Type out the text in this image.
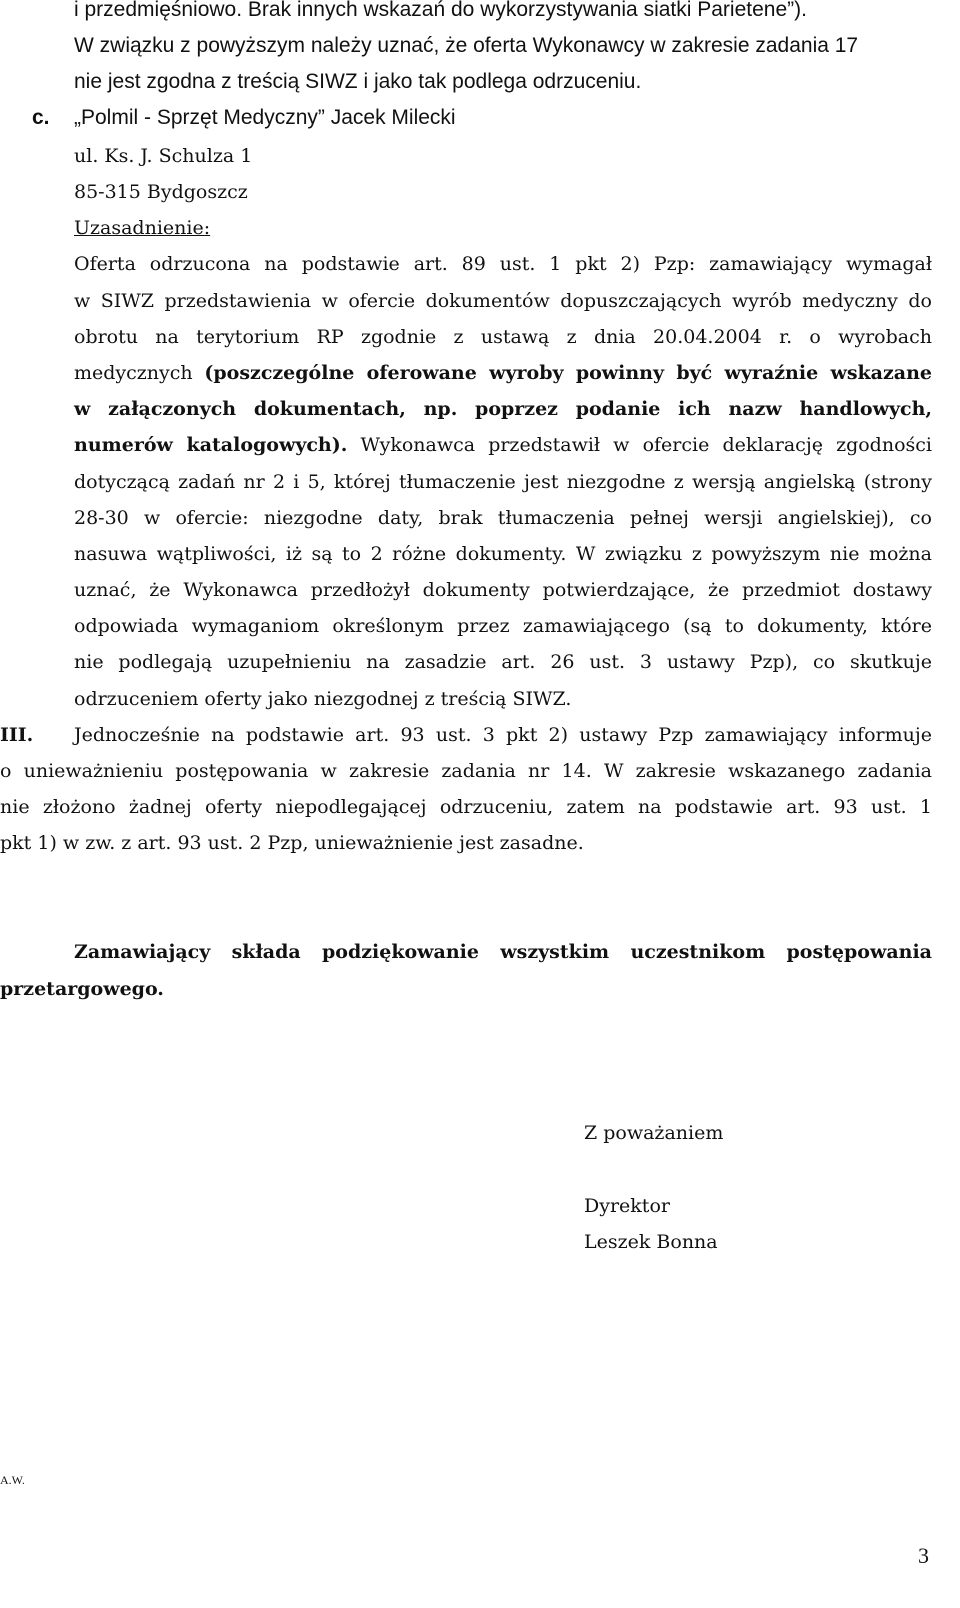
i przedmięśniowo. Brak innych wskazań do wykorzystywania siatki Parietene”).

W związku z powyższym należy uznać, że oferta Wykonawcy w zakresie zadania 17

nie jest zgodna z treścią SIWZ i jako tak podlega odrzuceniu.

c. „Polmil - Sprzęt Medyczny” Jacek Milecki

ul. Ks. J. Schulza 1

85-315 Bydgoszcz

Uzasadnienie:

Oferta odrzucona na podstawie art. 89 ust. 1 pkt 2) Pzp: zamawiający wymagał

w SIWZ przedstawienia w ofercie dokumentów dopuszczających wyrób medyczny do

obrotu na terytorium RP zgodnie z ustawą z dnia 20.04.2004 r. o wyrobach

medycznych (poszczególne oferowane wyroby powinny być wyraźnie wskazane

w załączonych dokumentach, np. poprzez podanie ich nazw handlowych,

numerów katalogowych). Wykonawca przedstawił w ofercie deklarację zgodności

dotyczącą zadań nr 2 i 5, której tłumaczenie jest niezgodne z wersją angielską (strony

28-30 w ofercie: niezgodne daty, brak tłumaczenia pełnej wersji angielskiej), co

nasuwa wątpliwości, iż są to 2 różne dokumenty. W związku z powyższym nie można

uznać, że Wykonawca przedłożył dokumenty potwierdzające, że przedmiot dostawy

odpowiada wymaganiom określonym przez zamawiającego (są to dokumenty, które

nie podlegają uzupełnieniu na zasadzie art. 26 ust. 3 ustawy Pzp), co skutkuje

odrzuceniem oferty jako niezgodnej z treścią SIWZ.

III. Jednocześnie na podstawie art. 93 ust. 3 pkt 2) ustawy Pzp zamawiający informuje

o unieważnieniu postępowania w zakresie zadania nr 14. W zakresie wskazanego zadania

nie złożono żadnej oferty niepodlegającej odrzuceniu, zatem na podstawie art. 93 ust. 1

pkt 1) w zw. z art. 93 ust. 2 Pzp, unieważnienie jest zasadne.

Zamawiający składa podziękowanie wszystkim uczestnikom postępowania

przetargowego.

Z poważaniem

Dyrektor

Leszek Bonna

A.W.

3
